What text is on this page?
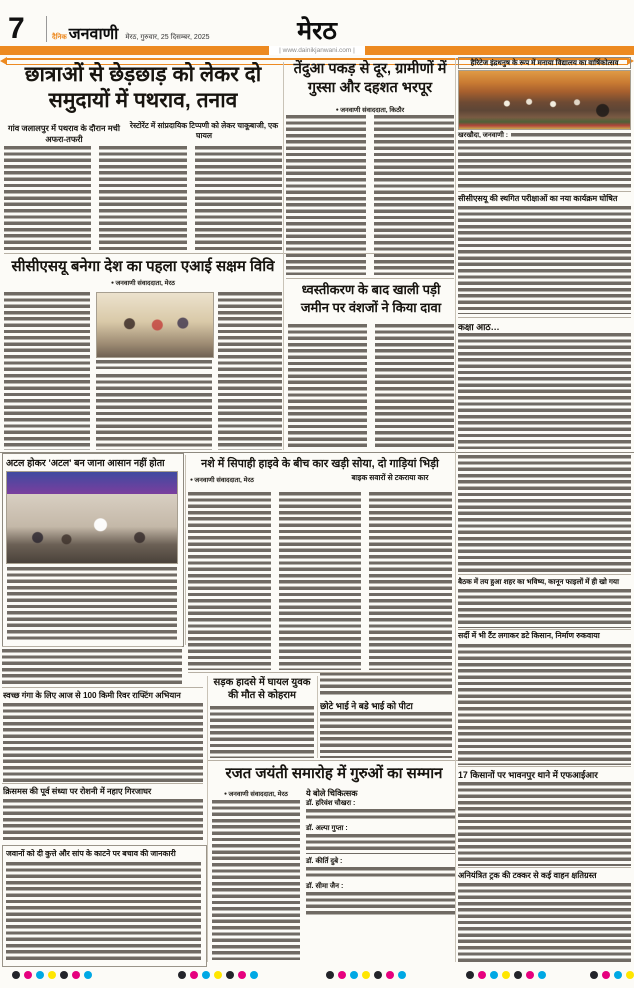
7	दैनिक जनवाणी मेरठ, गुरुवार, 25 दिसम्बर, 2025	मेरठ
| www.dainikjanwani.com |
छात्राओं से छेड़छाड़ को लेकर दो समुदायों में पथराव, तनाव
गांव जलालपुर में पथराव के दौरान मची अफरा-तफरी
रेस्टोरेंट में सांप्रदायिक टिप्पणी को लेकर चाकूबाजी, एक घायल
तेंदुआ पकड़ से दूर, ग्रामीणों में गुस्सा और दहशत भरपूर
● जनवाणी संवाददाता, किठौर
हैरिटेज इंद्रधनुष के रूप में मनाया विद्यालय का वार्षिकोत्सव
खरखौदा, जनवाणी :
सीसीएसयू की स्थगित परीक्षाओं का नया कार्यक्रम घोषित
कक्षा आठ…
सीसीएसयू बनेगा देश का पहला एआई सक्षम विवि
● जनवाणी संवाददाता, मेरठ	ध्वस्तीकरण के बाद खाली पड़ी जमीन पर वंशजों ने किया दावा
अटल होकर 'अटल' बन जाना आसान नहीं होता	नशे में सिपाही हाइवे के बीच कार खड़ी सोया, दो गाड़ियां भिड़ी
● जनवाणी संवाददाता, मेरठ	बाइक सवारों से टकराया कार
बैठक में तय हुआ शहर का भविष्य, कानून फाइलों में ही खो गया
सर्दी में भी टैंट लगाकर डटे किसान, निर्माण रुकवाया
17 किसानों पर भावनपुर थाने में एफआईआर
अनियंत्रित ट्रक की टक्कर से कई वाहन क्षतिग्रस्त
सड़क हादसे में घायल युवक की मौत से कोहराम
छोटे भाई ने बड़े भाई को पीटा
रजत जयंती समारोह में गुरुओं का सम्मान
● जनवाणी संवाददाता, मेरठ	ये बोले चिकित्सक
डॉ. हरिवंश चौखरा :
डॉ. अल्पा गुप्ता :
डॉ. कीर्ति दुबे :
डॉ. सीमा जैन :
स्वच्छ गंगा के लिए आज से 100 किमी रिवर राफ्टिंग अभियान
क्रिसमस की पूर्व संध्या पर रोशनी में नहाए गिरजाघर
जवानों को दी कुत्ते और सांप के काटने पर बचाव की जानकारी
